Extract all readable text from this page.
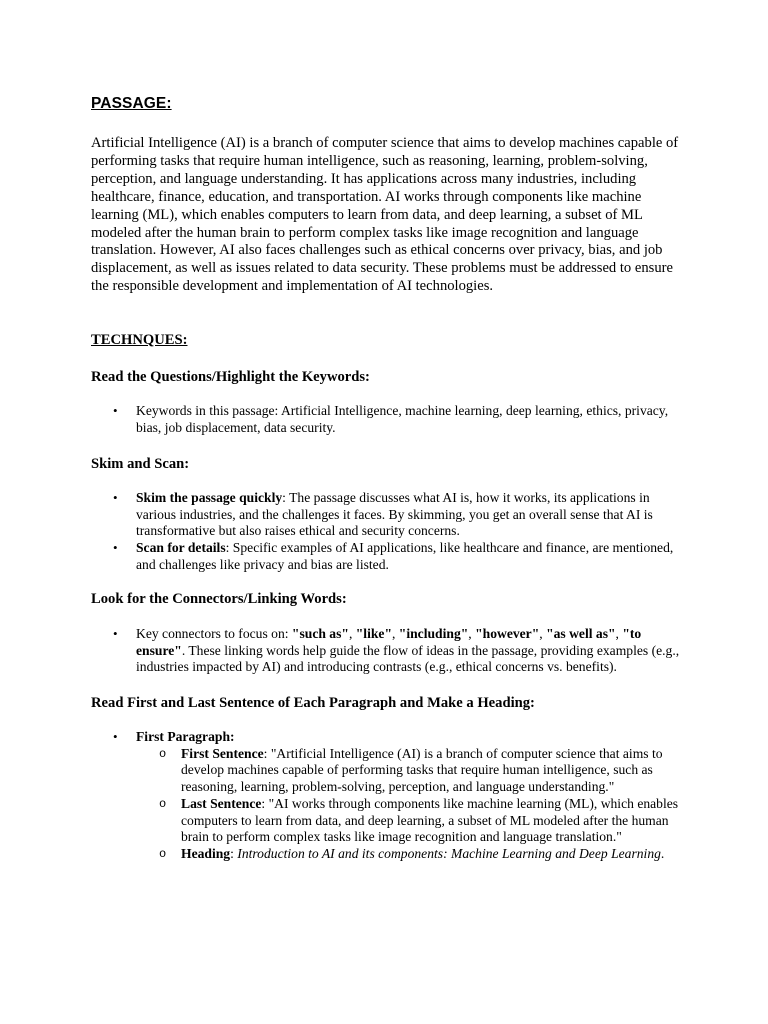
PASSAGE:

Artificial Intelligence (AI) is a branch of computer science that aims to develop machines capable of performing tasks that require human intelligence, such as reasoning, learning, problem-solving, perception, and language understanding. It has applications across many industries, including healthcare, finance, education, and transportation. AI works through components like machine learning (ML), which enables computers to learn from data, and deep learning, a subset of ML modeled after the human brain to perform complex tasks like image recognition and language translation. However, AI also faces challenges such as ethical concerns over privacy, bias, and job displacement, as well as issues related to data security. These problems must be addressed to ensure the responsible development and implementation of AI technologies.

TECHNQUES:
Read the Questions/Highlight the Keywords:
• Keywords in this passage: Artificial Intelligence, machine learning, deep learning, ethics, privacy, bias, job displacement, data security.
Skim and Scan:
• Skim the passage quickly: The passage discusses what AI is, how it works, its applications in various industries, and the challenges it faces. By skimming, you get an overall sense that AI is transformative but also raises ethical and security concerns.
• Scan for details: Specific examples of AI applications, like healthcare and finance, are mentioned, and challenges like privacy and bias are listed.
Look for the Connectors/Linking Words:
• Key connectors to focus on: "such as", "like", "including", "however", "as well as", "to ensure". These linking words help guide the flow of ideas in the passage, providing examples (e.g., industries impacted by AI) and introducing contrasts (e.g., ethical concerns vs. benefits).
Read First and Last Sentence of Each Paragraph and Make a Heading:
• First Paragraph:
o First Sentence: "Artificial Intelligence (AI) is a branch of computer science that aims to develop machines capable of performing tasks that require human intelligence, such as reasoning, learning, problem-solving, perception, and language understanding."
o Last Sentence: "AI works through components like machine learning (ML), which enables computers to learn from data, and deep learning, a subset of ML modeled after the human brain to perform complex tasks like image recognition and language translation."
o Heading: Introduction to AI and its components: Machine Learning and Deep Learning.
